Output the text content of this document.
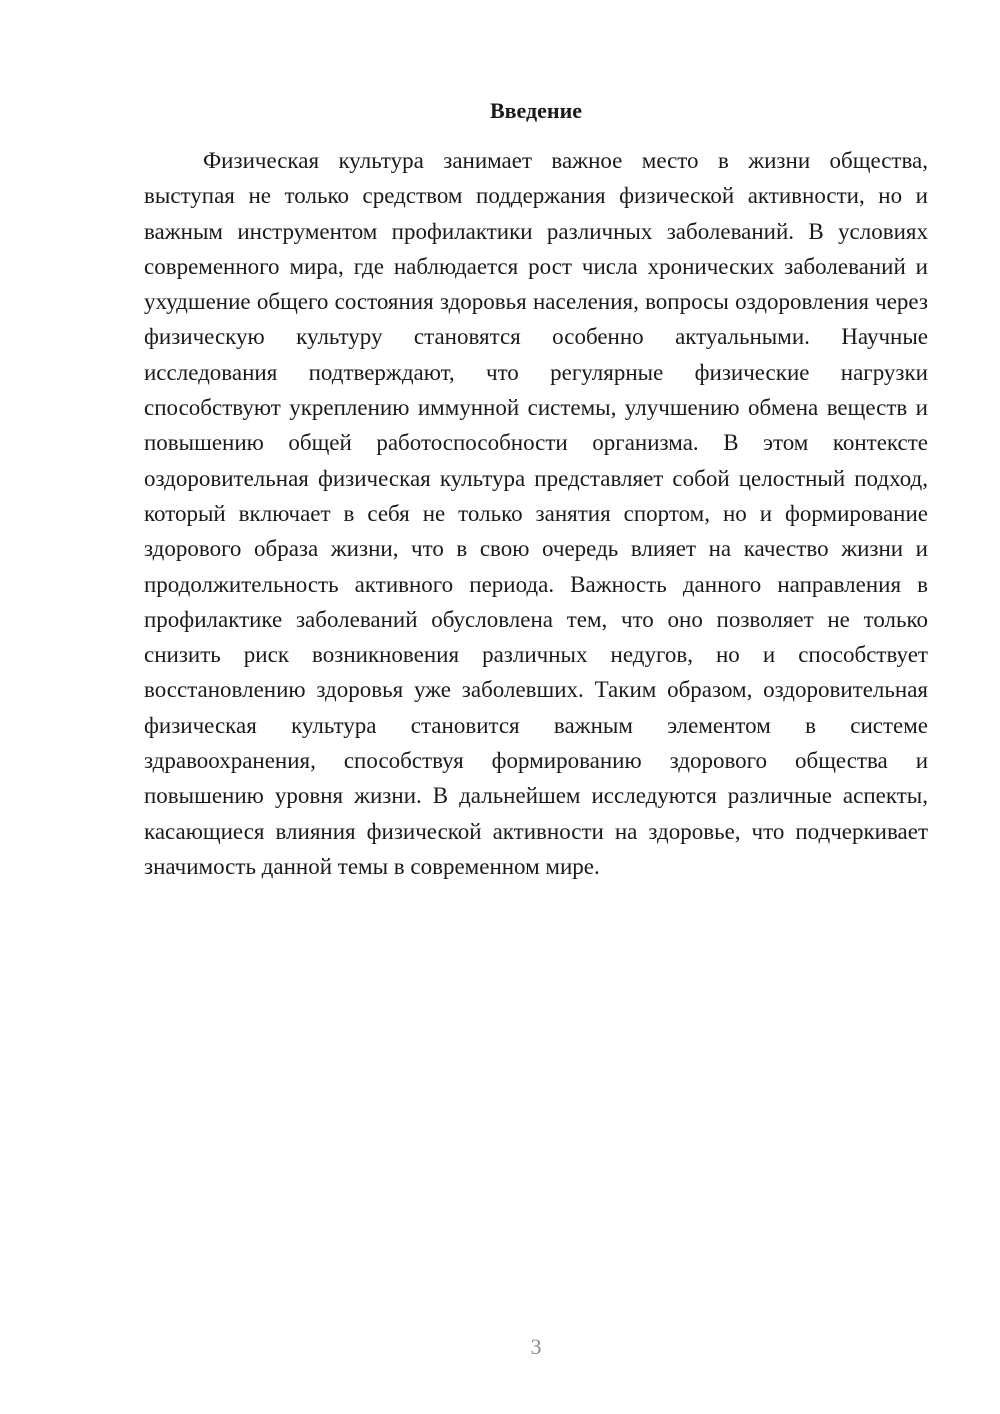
Введение

Физическая культура занимает важное место в жизни общества, выступая не только средством поддержания физической активности, но и важным инструментом профилактики различных заболеваний. В условиях современного мира, где наблюдается рост числа хронических заболеваний и ухудшение общего состояния здоровья населения, вопросы оздоровления через физическую культуру становятся особенно актуальными. Научные исследования подтверждают, что регулярные физические нагрузки способствуют укреплению иммунной системы, улучшению обмена веществ и повышению общей работоспособности организма. В этом контексте оздоровительная физическая культура представляет собой целостный подход, который включает в себя не только занятия спортом, но и формирование здорового образа жизни, что в свою очередь влияет на качество жизни и продолжительность активного периода. Важность данного направления в профилактике заболеваний обусловлена тем, что оно позволяет не только снизить риск возникновения различных недугов, но и способствует восстановлению здоровья уже заболевших. Таким образом, оздоровительная физическая культура становится важным элементом в системе здравоохранения, способствуя формированию здорового общества и повышению уровня жизни. В дальнейшем исследуются различные аспекты, касающиеся влияния физической активности на здоровье, что подчеркивает значимость данной темы в современном мире.

3
